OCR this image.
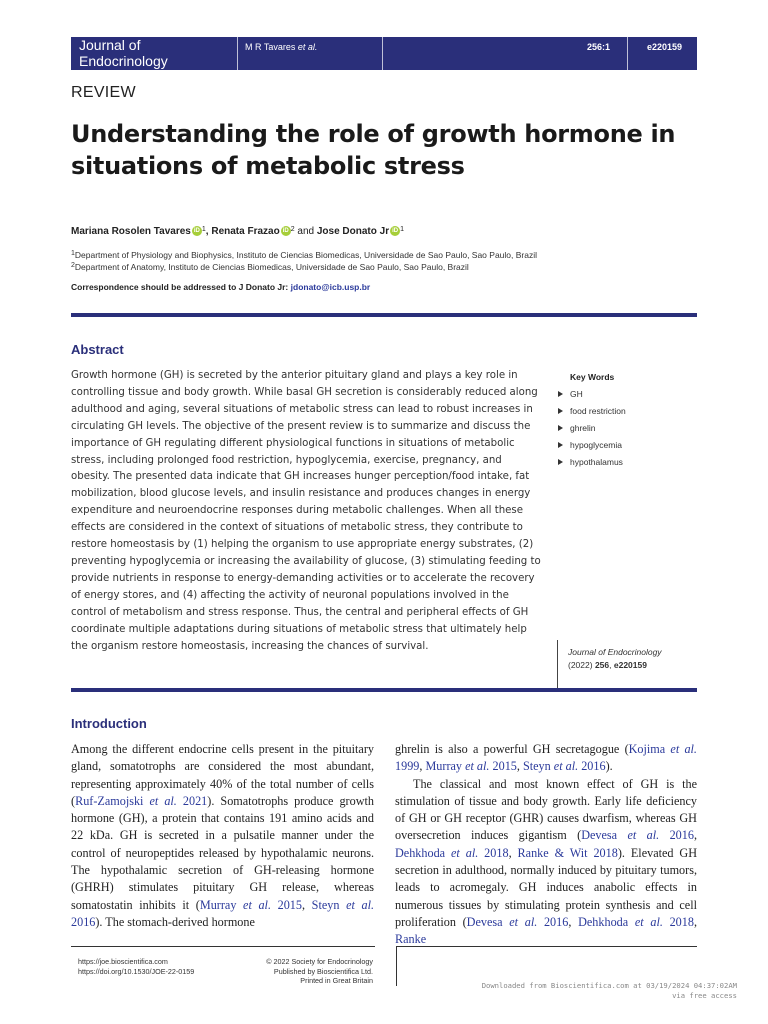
Journal of
Endocrinology
M R Tavares et al.	256:1	e220159
REVIEW
Understanding the role of growth hormone in
situations of metabolic stress
Mariana Rosolen Tavares iD $^1$, Renata Frazao iD $^2$ and Jose Donato Jr iD $^1$
$^1$Department of Physiology and Biophysics, Instituto de Ciencias Biomedicas, Universidade de Sao Paulo, Sao Paulo, Brazil
$^2$Department of Anatomy, Instituto de Ciencias Biomedicas, Universidade de Sao Paulo, Sao Paulo, Brazil
Correspondence should be addressed to J Donato Jr: jdonato@icb.usp.br
Abstract
Growth hormone (GH) is secreted by the anterior pituitary gland and plays a key role in controlling tissue and body growth. While basal GH secretion is considerably reduced along adulthood and aging, several situations of metabolic stress can lead to robust increases in circulating GH levels. The objective of the present review is to summarize and discuss the importance of GH regulating different physiological functions in situations of metabolic stress, including prolonged food restriction, hypoglycemia, exercise, pregnancy, and obesity. The presented data indicate that GH increases hunger perception/food intake, fat mobilization, blood glucose levels, and insulin resistance and produces changes in energy expenditure and neuroendocrine responses during metabolic challenges. When all these effects are considered in the context of situations of metabolic stress, they contribute to restore homeostasis by (1) helping the organism to use appropriate energy substrates, (2) preventing hypoglycemia or increasing the availability of glucose, (3) stimulating feeding to provide nutrients in response to energy-demanding activities or to accelerate the recovery of energy stores, and (4) affecting the activity of neuronal populations involved in the control of metabolism and stress response. Thus, the central and peripheral effects of GH coordinate multiple adaptations during situations of metabolic stress that ultimately help the organism restore homeostasis, increasing the chances of survival.
Key Words
GH
food restriction
ghrelin
hypoglycemia
hypothalamus
Journal of Endocrinology
(2022) 256, e220159
Introduction

Among the different endocrine cells present in the pituitary gland, somatotrophs are considered the most abundant, representing approximately 40% of the total number of cells (Ruf-Zamojski et al. 2021). Somatotrophs produce growth hormone (GH), a protein that contains 191 amino acids and 22 kDa. GH is secreted in a pulsatile manner under the control of neuropeptides released by hypothalamic neurons. The hypothalamic secretion of GH-releasing hormone (GHRH) stimulates pituitary GH release, whereas somatostatin inhibits it (Murray et al. 2015, Steyn et al. 2016). The stomach-derived hormone

ghrelin is also a powerful GH secretagogue (Kojima et al. 1999, Murray et al. 2015, Steyn et al. 2016).

The classical and most known effect of GH is the stimulation of tissue and body growth. Early life deficiency of GH or GH receptor (GHR) causes dwarfism, whereas GH oversecretion induces gigantism (Devesa et al. 2016, Dehkhoda et al. 2018, Ranke & Wit 2018). Elevated GH secretion in adulthood, normally induced by pituitary tumors, leads to acromegaly. GH induces anabolic effects in numerous tissues by stimulating protein synthesis and cell proliferation (Devesa et al. 2016, Dehkhoda et al. 2018, Ranke

https://joe.bioscientifica.com
https://doi.org/10.1530/JOE-22-0159
© 2022 Society for Endocrinology
Published by Bioscientifica Ltd.
Printed in Great Britain
Downloaded from Bioscientifica.com at 03/19/2024 04:37:02AM
via free access
